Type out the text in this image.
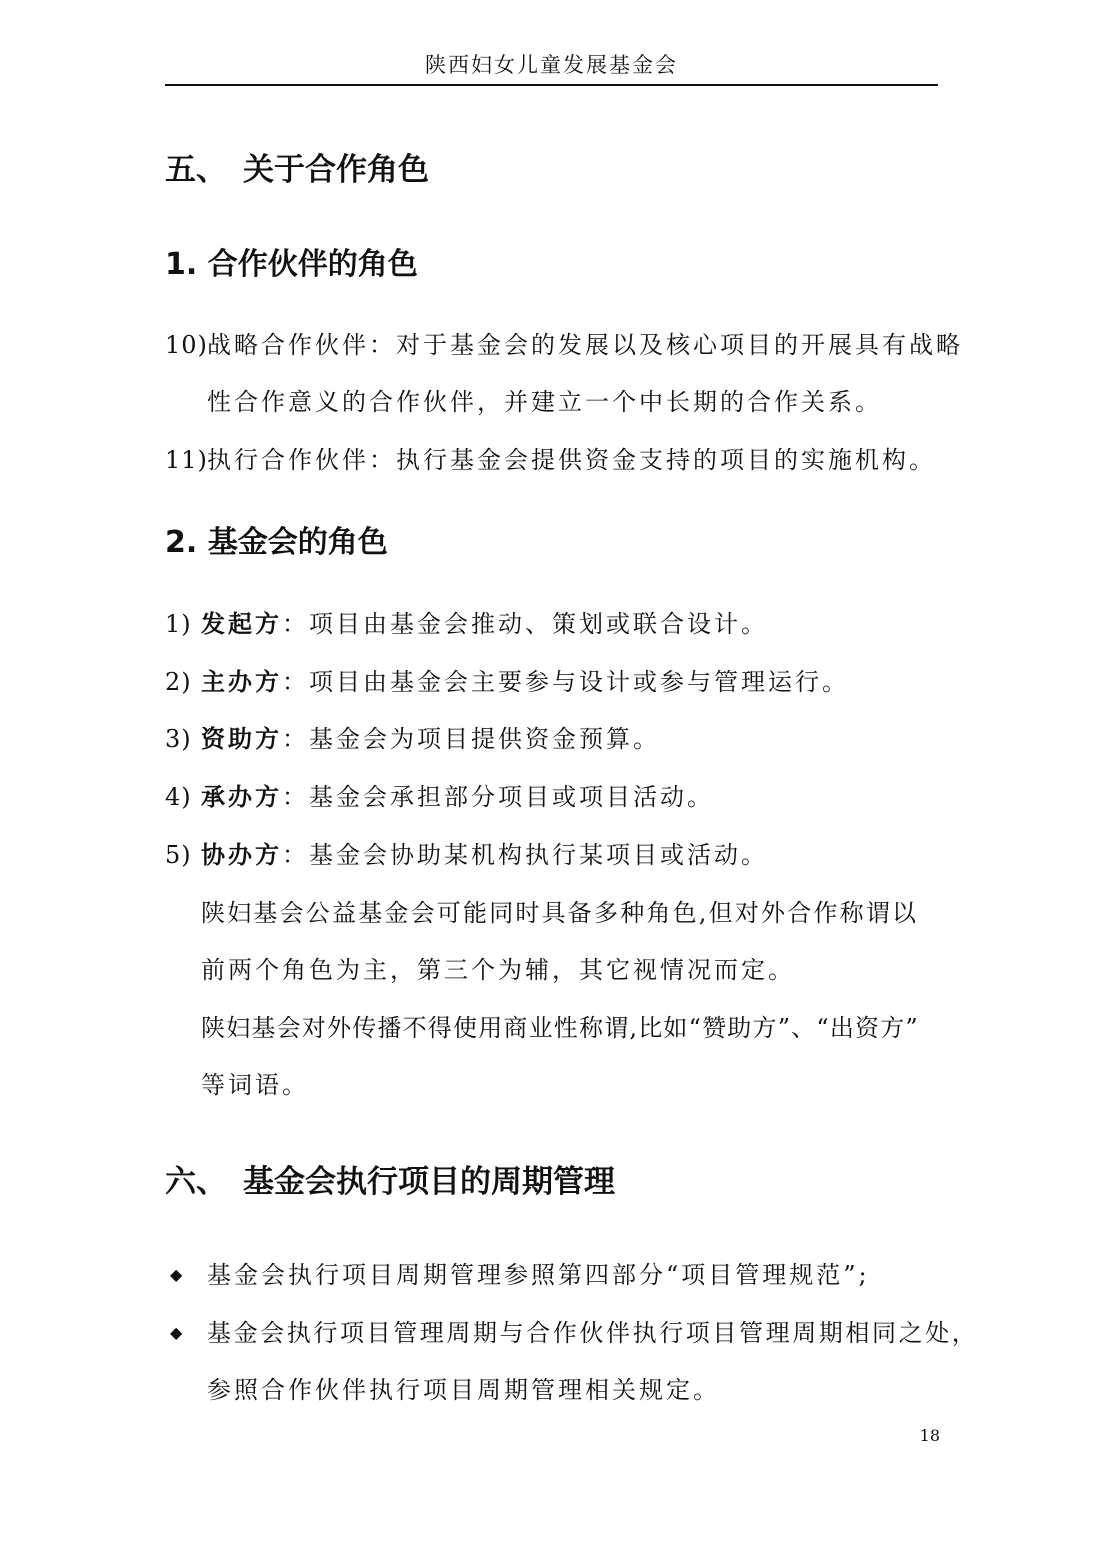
陕西妇女儿童发展基金会
五、 关于合作角色
1. 合作伙伴的角色
10) 战略合作伙伴：对于基金会的发展以及核心项目的开展具有战略
性合作意义的合作伙伴，并建立一个中长期的合作关系。
11) 执行合作伙伴：执行基金会提供资金支持的项目的实施机构。
2. 基金会的角色
1) 发起方：项目由基金会推动、策划或联合设计。
2) 主办方：项目由基金会主要参与设计或参与管理运行。
3) 资助方：基金会为项目提供资金预算。
4) 承办方：基金会承担部分项目或项目活动。
5) 协办方：基金会协助某机构执行某项目或活动。
陕妇基会公益基金会可能同时具备多种角色,但对外合作称谓以
前两个角色为主，第三个为辅，其它视情况而定。
陕妇基会对外传播不得使用商业性称谓,比如“赞助方”、“出资方”
等词语。
六、 基金会执行项目的周期管理
◆ 基金会执行项目周期管理参照第四部分“项目管理规范”;
◆ 基金会执行项目管理周期与合作伙伴执行项目管理周期相同之处，
参照合作伙伴执行项目周期管理相关规定。
18
